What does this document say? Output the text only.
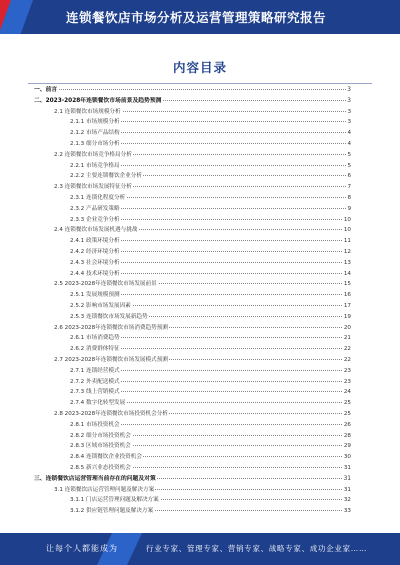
连锁餐饮店市场分析及运营管理策略研究报告
内容目录
一、前言	3
二、2023-2028年连锁餐饮市场前景及趋势预测	3
2.1 连锁餐饮市场规模分析	3
2.1.1 市场规模分析	3
2.1.2 市场产品结构	4
2.1.3 细分市场分析	4
2.2 连锁餐饮市场竞争格局分析	5
2.2.1 市场竞争格局	5
2.2.2 主要连锁餐饮企业分析	6
2.3 连锁餐饮市场发展特征分析	7
2.3.1 连锁化程度分析	8
2.3.2 产品研发策略	9
2.3.3 企业竞争分析	10
2.4 连锁餐饮市场发展机遇与挑战	10
2.4.1 政策环境分析	11
2.4.2 经济环境分析	12
2.4.3 社会环境分析	13
2.4.4 技术环境分析	14
2.5 2023-2028年连锁餐饮市场发展前景	15
2.5.1 发展规模预测	16
2.5.2 影响市场发展因素	17
2.5.3 连锁餐饮市场发展新趋势	19
2.6 2023-2028年连锁餐饮市场消费趋势预测	20
2.6.1 市场消费趋势	21
2.6.2 消费群体特征	22
2.7 2023-2028年连锁餐饮市场发展模式预测	22
2.7.1 连锁经营模式	23
2.7.2 外卖配送模式	23
2.7.3 线上营销模式	24
2.7.4 数字化转型发展	25
2.8 2023-2028年连锁餐饮市场投资机会分析	25
2.8.1 市场投资机会	26
2.8.2 细分市场投资机会	28
2.8.3 区域市场投资机会	29
2.8.4 连锁餐饮企业投资机会	30
2.8.5 新兴业态投资机会	31
三、连锁餐饮店运营管理当前存在的问题及对策	31
3.1 连锁餐饮店运营管理问题及解决方案	31
3.1.1 门店运营管理问题及解决方案	32
3.1.2 供应链管理问题及解决方案	33
让每个人都能成为	行业专家、管理专家、营销专家、战略专家、成功企业家……
